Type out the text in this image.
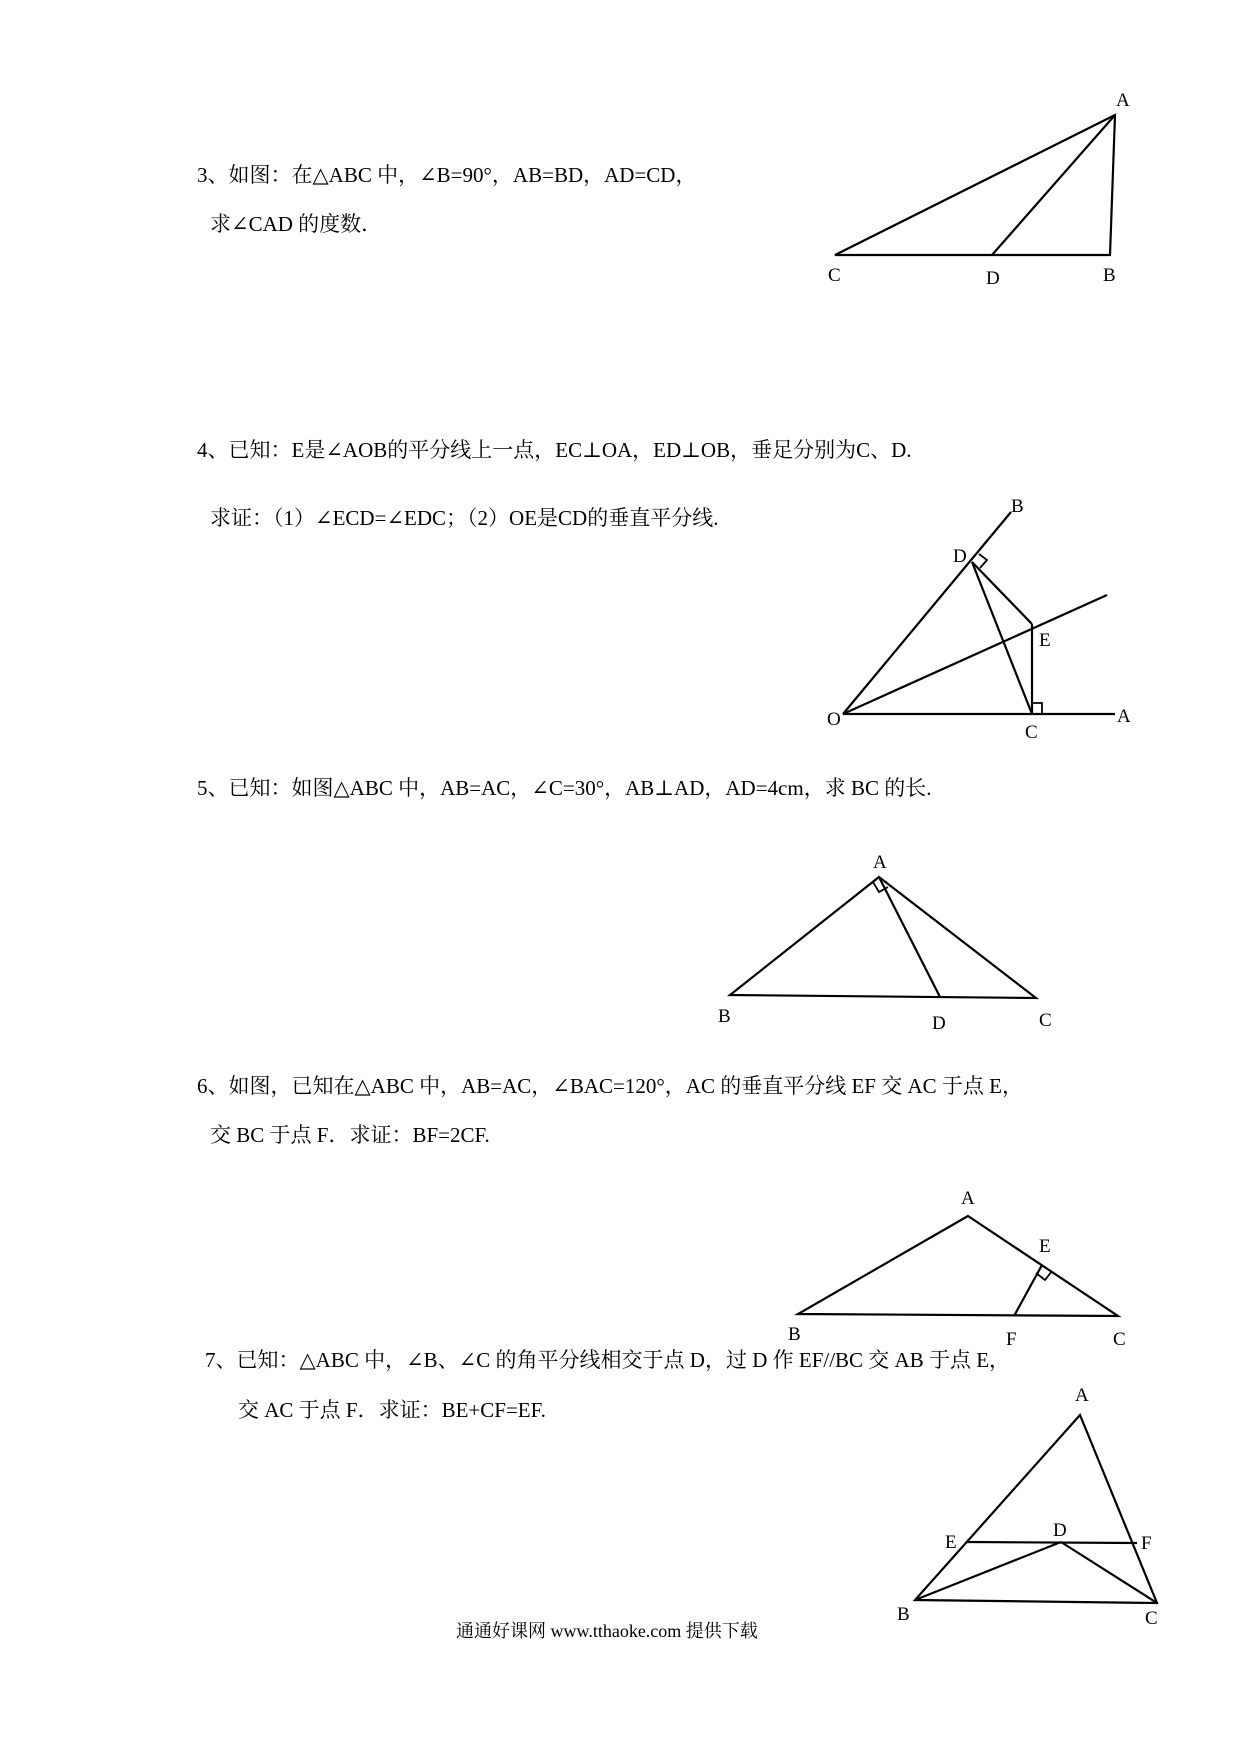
3、如图：在△ABC 中，∠B=90°，AB=BD，AD=CD，
求∠CAD 的度数．
A
C	D	B
4、已知：E是∠AOB的平分线上一点，EC⊥OA，ED⊥OB，垂足分别为C、D.
求证：（1）∠ECD=∠EDC；（2）OE是CD的垂直平分线.	B
D
E
O
C
A
5、已知：如图△ABC 中，AB=AC，∠C=30°，AB⊥AD，AD=4cm，求 BC 的长.
A
B	D	C
6、如图，已知在△ABC 中，AB=AC，∠BAC=120°，AC 的垂直平分线 EF 交 AC 于点 E，
交 BC 于点 F．求证：BF=2CF.
A
E
B	F	C
7、已知：△ABC 中，∠B、∠C 的角平分线相交于点 D，过 D 作 EF//BC 交 AB 于点 E，
交 AC 于点 F．求证：BE+CF=EF.
A
E
D
F
B	C
通通好课网 www.tthaoke.com 提供下载
